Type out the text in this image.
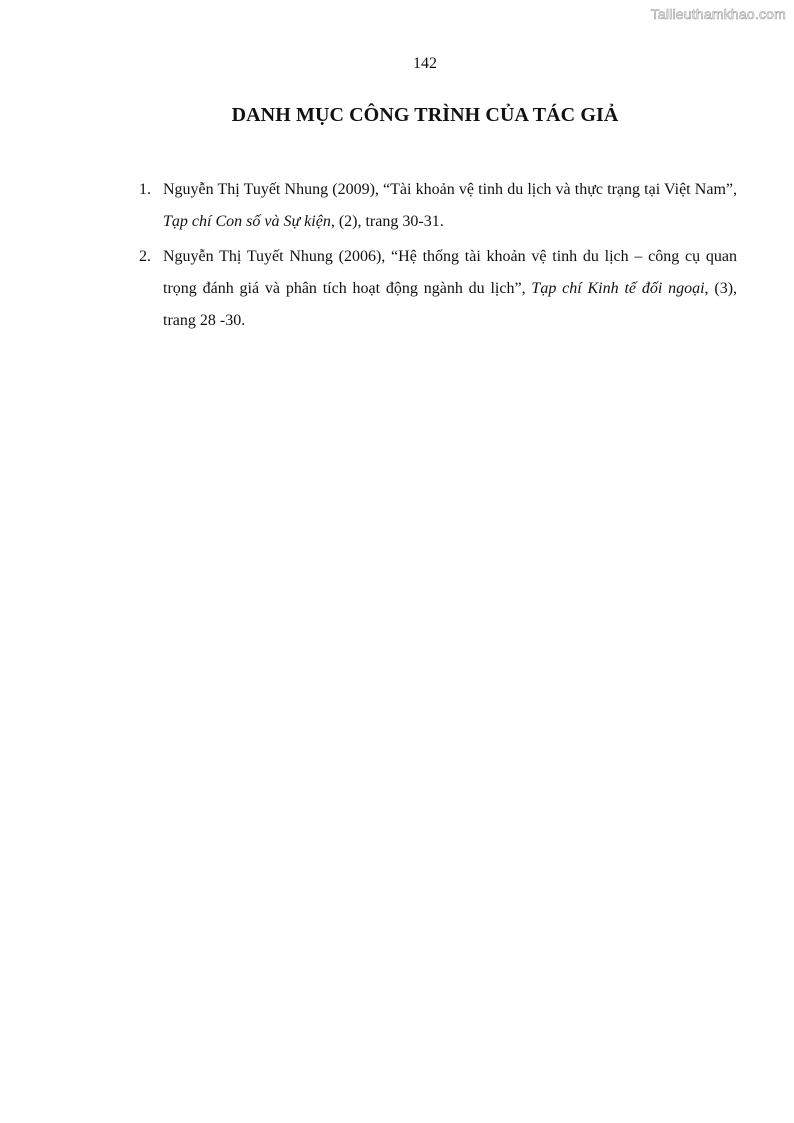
Tailieuthamkhao.com
142
DANH MỤC CÔNG TRÌNH CỦA TÁC GIẢ
1. Nguyễn Thị Tuyết Nhung (2009), “Tài khoản vệ tinh du lịch và thực trạng tại Việt Nam”, Tạp chí Con số và Sự kiện, (2), trang 30-31.
2. Nguyễn Thị Tuyết Nhung (2006), “Hệ thống tài khoản vệ tinh du lịch – công cụ quan trọng đánh giá và phân tích hoạt động ngành du lịch”, Tạp chí Kinh tế đối ngoại, (3), trang 28 -30.
